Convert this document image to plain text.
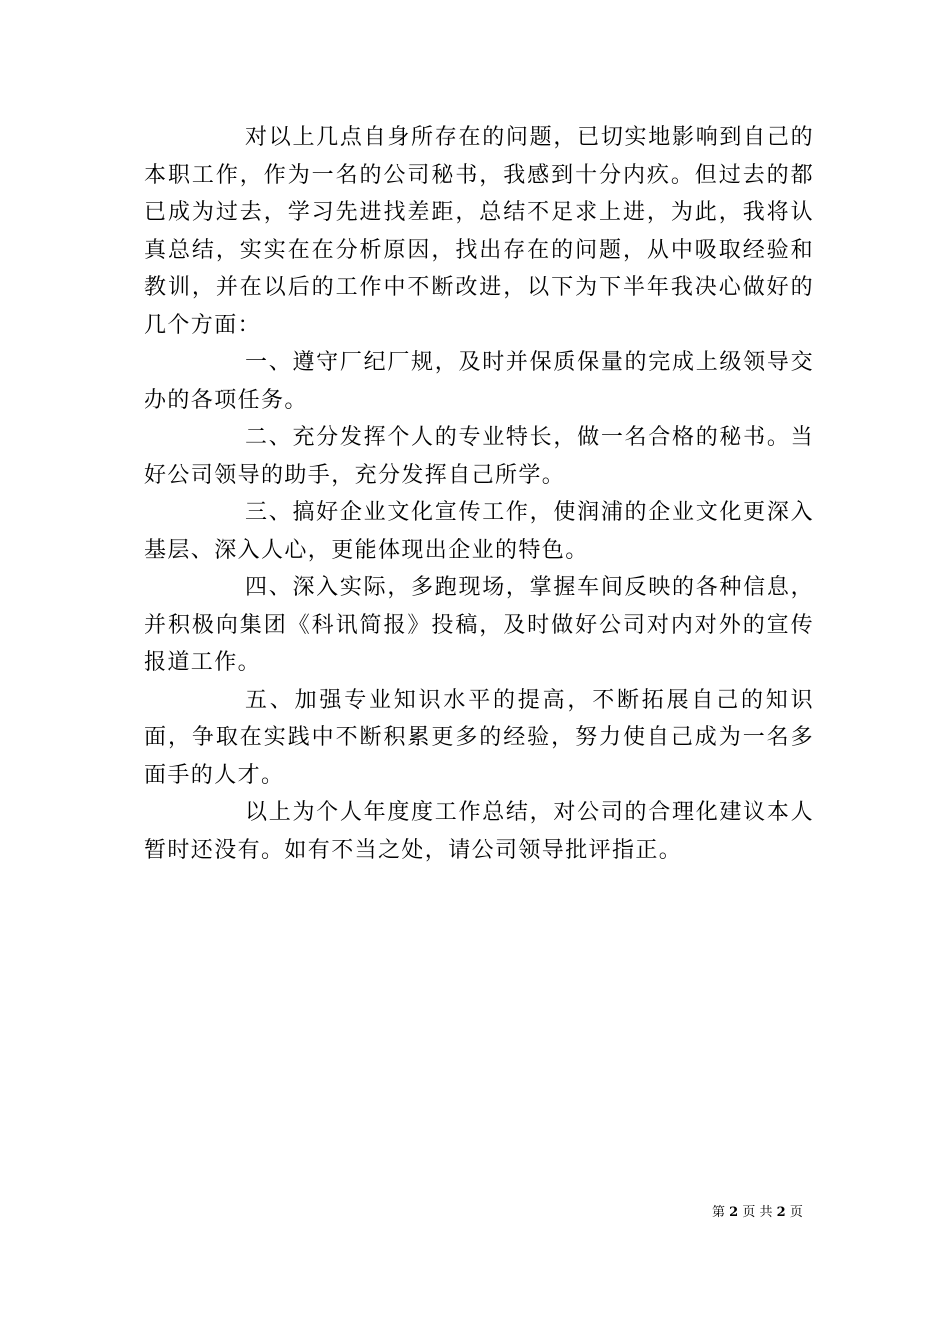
对以上几点自身所存在的问题，已切实地影响到自己的本职工作，作为一名的公司秘书，我感到十分内疚。但过去的都已成为过去，学习先进找差距，总结不足求上进，为此，我将认真总结，实实在在分析原因，找出存在的问题，从中吸取经验和教训，并在以后的工作中不断改进，以下为下半年我决心做好的几个方面：

一、遵守厂纪厂规，及时并保质保量的完成上级领导交办的各项任务。

二、充分发挥个人的专业特长，做一名合格的秘书。当好公司领导的助手，充分发挥自己所学。

三、搞好企业文化宣传工作，使润浦的企业文化更深入基层、深入人心，更能体现出企业的特色。

四、深入实际，多跑现场，掌握车间反映的各种信息，并积极向集团《科讯简报》投稿，及时做好公司对内对外的宣传报道工作。

五、加强专业知识水平的提高，不断拓展自己的知识面，争取在实践中不断积累更多的经验，努力使自己成为一名多面手的人才。

以上为个人年度度工作总结，对公司的合理化建议本人暂时还没有。如有不当之处，请公司领导批评指正。

第 2 页 共 2 页
